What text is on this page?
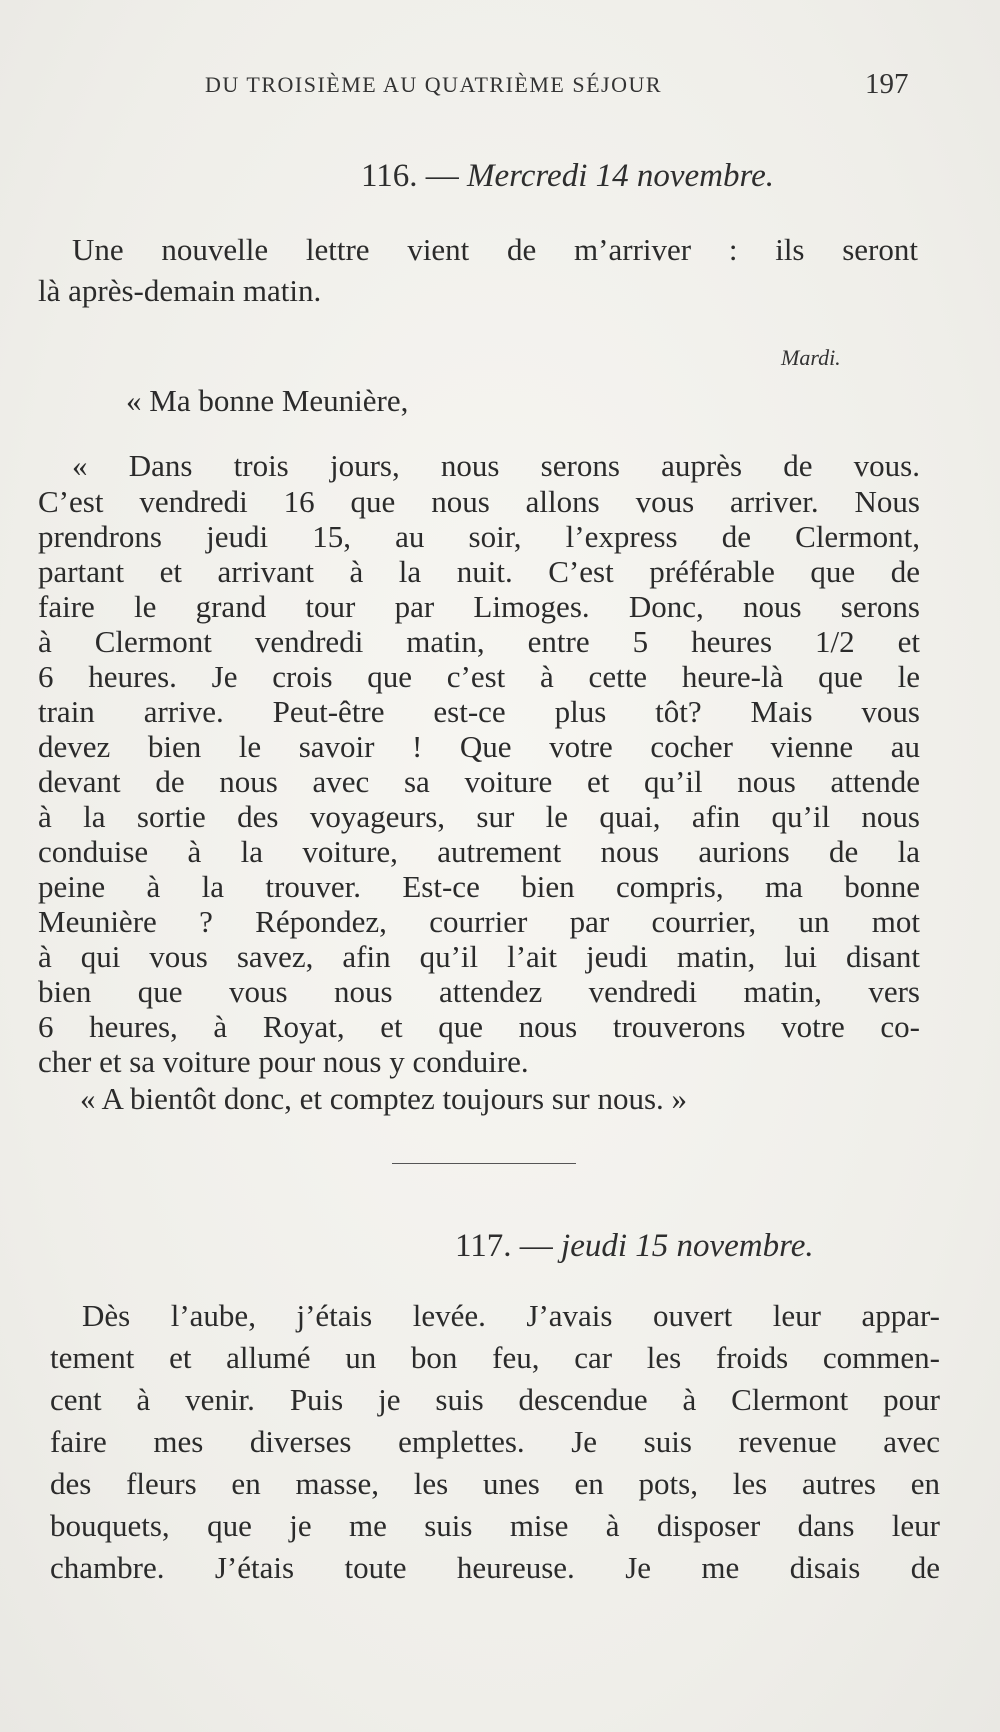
DU TROISIÈME AU QUATRIÈME SÉJOUR	197
116. — Mercredi 14 novembre.
Une nouvelle lettre vient de m’arriver : ils seront
là après-demain matin.
Mardi.
« Ma bonne Meunière,
« Dans trois jours, nous serons auprès de vous.
C’est vendredi 16 que nous allons vous arriver. Nous
prendrons jeudi 15, au soir, l’express de Clermont,
partant et arrivant à la nuit. C’est préférable que de
faire le grand tour par Limoges. Donc, nous serons
à Clermont vendredi matin, entre 5 heures 1/2 et
6 heures. Je crois que c’est à cette heure-là que le
train arrive. Peut-être est-ce plus tôt? Mais vous
devez bien le savoir ! Que votre cocher vienne au
devant de nous avec sa voiture et qu’il nous attende
à la sortie des voyageurs, sur le quai, afin qu’il nous
conduise à la voiture, autrement nous aurions de la
peine à la trouver. Est-ce bien compris, ma bonne
Meunière ? Répondez, courrier par courrier, un mot
à qui vous savez, afin qu’il l’ait jeudi matin, lui disant
bien que vous nous attendez vendredi matin, vers
6 heures, à Royat, et que nous trouverons votre co-
cher et sa voiture pour nous y conduire.
« A bientôt donc, et comptez toujours sur nous. »
117. — jeudi 15 novembre.
Dès l’aube, j’étais levée. J’avais ouvert leur appar-
tement et allumé un bon feu, car les froids commen-
cent à venir. Puis je suis descendue à Clermont pour
faire mes diverses emplettes. Je suis revenue avec
des fleurs en masse, les unes en pots, les autres en
bouquets, que je me suis mise à disposer dans leur
chambre. J’étais toute heureuse. Je me disais de
